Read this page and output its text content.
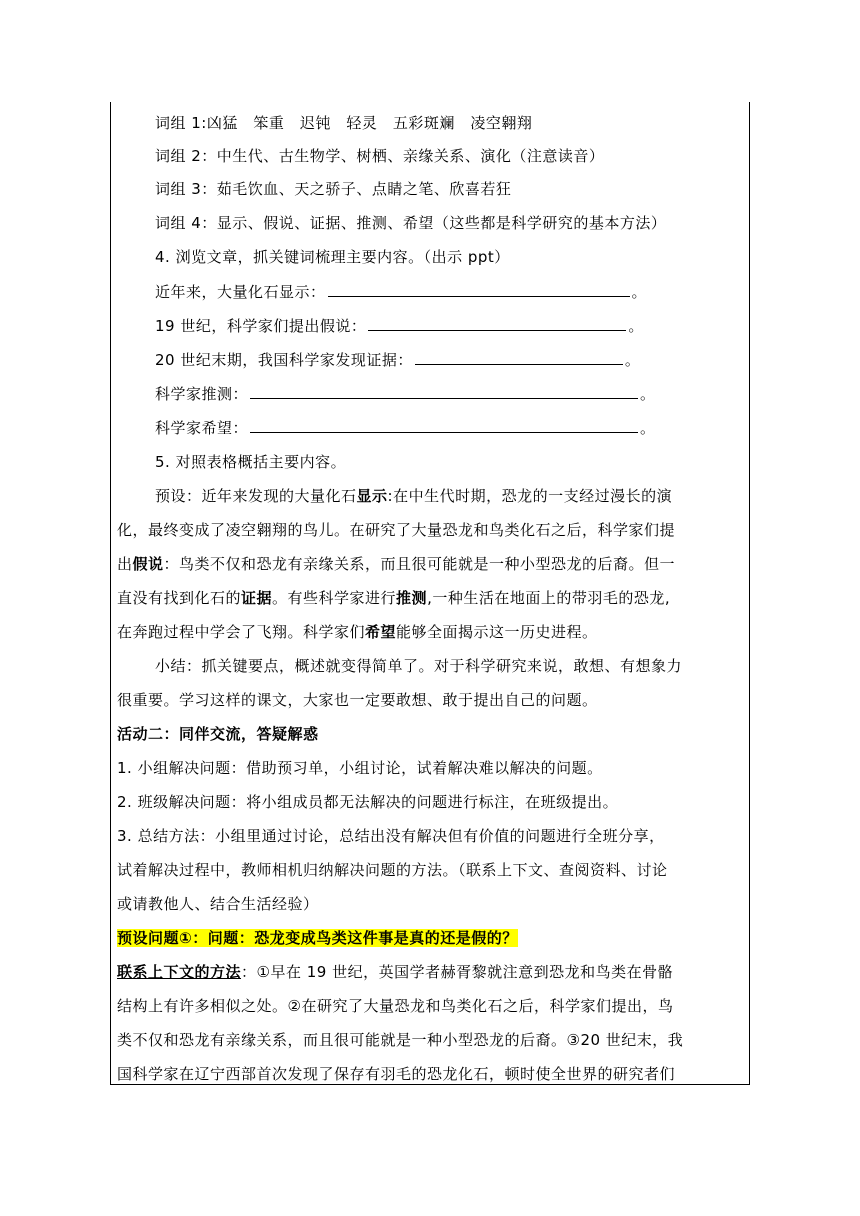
词组 1:凶猛　笨重　迟钝　轻灵　五彩斑斓　凌空翱翔
词组 2：中生代、古生物学、树栖、亲缘关系、演化（注意读音）
词组 3：茹毛饮血、天之骄子、点睛之笔、欣喜若狂
词组 4：显示、假说、证据、推测、希望（这些都是科学研究的基本方法）
4. 浏览文章，抓关键词梳理主要内容。（出示 ppt）
近年来，大量化石显示：	。
19 世纪，科学家们提出假说：	。
20 世纪末期，我国科学家发现证据：	。
科学家推测：	。
科学家希望：	。
5. 对照表格概括主要内容。
预设：近年来发现的大量化石显示:在中生代时期，恐龙的一支经过漫长的演
化，最终变成了凌空翱翔的鸟儿。在研究了大量恐龙和鸟类化石之后，科学家们提
出假说：鸟类不仅和恐龙有亲缘关系，而且很可能就是一种小型恐龙的后裔。但一
直没有找到化石的证据。有些科学家进行推测,一种生活在地面上的带羽毛的恐龙,
在奔跑过程中学会了飞翔。科学家们希望能够全面揭示这一历史进程。
小结：抓关键要点，概述就变得简单了。对于科学研究来说，敢想、有想象力
很重要。学习这样的课文，大家也一定要敢想、敢于提出自己的问题。
活动二：同伴交流，答疑解惑
1. 小组解决问题：借助预习单，小组讨论，试着解决难以解决的问题。
2. 班级解决问题：将小组成员都无法解决的问题进行标注，在班级提出。
3. 总结方法：小组里通过讨论，总结出没有解决但有价值的问题进行全班分享，
试着解决过程中，教师相机归纳解决问题的方法。（联系上下文、查阅资料、讨论
或请教他人、结合生活经验）
预设问题①：问题：恐龙变成鸟类这件事是真的还是假的？
联系上下文的方法：①早在 19 世纪，英国学者赫胥黎就注意到恐龙和鸟类在骨骼
结构上有许多相似之处。②在研究了大量恐龙和鸟类化石之后，科学家们提出，鸟
类不仅和恐龙有亲缘关系，而且很可能就是一种小型恐龙的后裔。③20 世纪末，我
国科学家在辽宁西部首次发现了保存有羽毛的恐龙化石，顿时使全世界的研究者们
